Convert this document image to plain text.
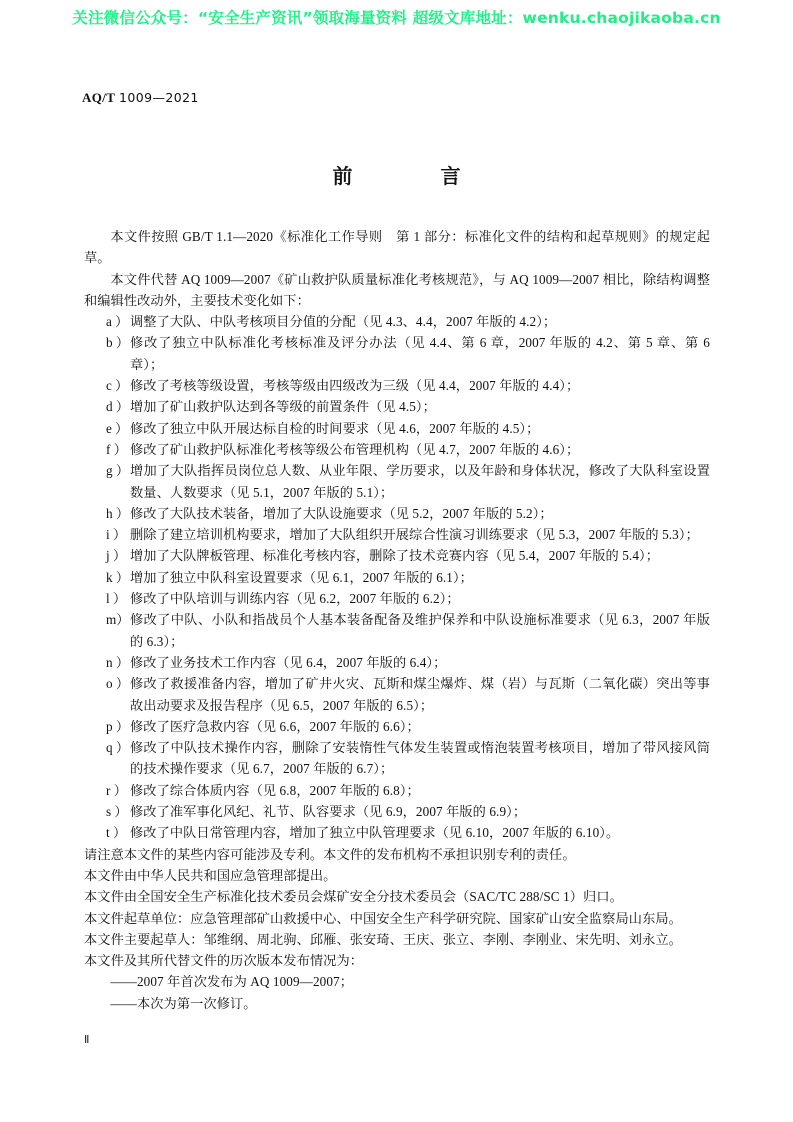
关注微信公众号：“安全生产资讯”领取海量资料 超级文库地址：wenku.chaojikaoba.cn
AQ/T 1009—2021
前　　言

本文件按照 GB/T 1.1—2020《标准化工作导则　第 1 部分：标准化文件的结构和起草规则》的规定起草。

本文件代替 AQ 1009—2007《矿山救护队质量标准化考核规范》，与 AQ 1009—2007 相比，除结构调整和编辑性改动外，主要技术变化如下：

a ） 调整了大队、中队考核项目分值的分配（见 4.3、4.4，2007 年版的 4.2）；
b ） 修改了独立中队标准化考核标准及评分办法（见 4.4、第 6 章，2007 年版的 4.2、第 5 章、第 6 章）；
c ） 修改了考核等级设置，考核等级由四级改为三级（见 4.4，2007 年版的 4.4）；
d ） 增加了矿山救护队达到各等级的前置条件（见 4.5）；
e ） 修改了独立中队开展达标自检的时间要求（见 4.6，2007 年版的 4.5）；
f ） 修改了矿山救护队标准化考核等级公布管理机构（见 4.7，2007 年版的 4.6）；
g ） 增加了大队指挥员岗位总人数、从业年限、学历要求，以及年龄和身体状况，修改了大队科室设置数量、人数要求（见 5.1，2007 年版的 5.1）；
h ） 修改了大队技术装备，增加了大队设施要求（见 5.2，2007 年版的 5.2）；
i ） 删除了建立培训机构要求，增加了大队组织开展综合性演习训练要求（见 5.3，2007 年版的 5.3）；
j ） 增加了大队牌板管理、标准化考核内容，删除了技术竞赛内容（见 5.4，2007 年版的 5.4）；
k ） 增加了独立中队科室设置要求（见 6.1，2007 年版的 6.1）；
l ） 修改了中队培训与训练内容（见 6.2，2007 年版的 6.2）；
m） 修改了中队、小队和指战员个人基本装备配备及维护保养和中队设施标准要求（见 6.3，2007 年版的 6.3）；
n ） 修改了业务技术工作内容（见 6.4，2007 年版的 6.4）；
o ） 修改了救援准备内容，增加了矿井火灾、瓦斯和煤尘爆炸、煤（岩）与瓦斯（二氧化碳）突出等事故出动要求及报告程序（见 6.5，2007 年版的 6.5）；
p ） 修改了医疗急救内容（见 6.6，2007 年版的 6.6）；
q ） 修改了中队技术操作内容，删除了安装惰性气体发生装置或惰泡装置考核项目，增加了带风接风筒的技术操作要求（见 6.7，2007 年版的 6.7）；
r ） 修改了综合体质内容（见 6.8，2007 年版的 6.8）；
s ） 修改了准军事化风纪、礼节、队容要求（见 6.9，2007 年版的 6.9）；
t ） 修改了中队日常管理内容，增加了独立中队管理要求（见 6.10，2007 年版的 6.10）。

请注意本文件的某些内容可能涉及专利。本文件的发布机构不承担识别专利的责任。

本文件由中华人民共和国应急管理部提出。

本文件由全国安全生产标准化技术委员会煤矿安全分技术委员会（SAC/TC 288/SC 1）归口。

本文件起草单位：应急管理部矿山救援中心、中国安全生产科学研究院、国家矿山安全监察局山东局。

本文件主要起草人：邹维纲、周北驹、邱雁、张安琦、王庆、张立、李刚、李刚业、宋先明、刘永立。

本文件及其所代替文件的历次版本发布情况为：

——2007 年首次发布为 AQ 1009—2007；
——本次为第一次修订。
Ⅱ
